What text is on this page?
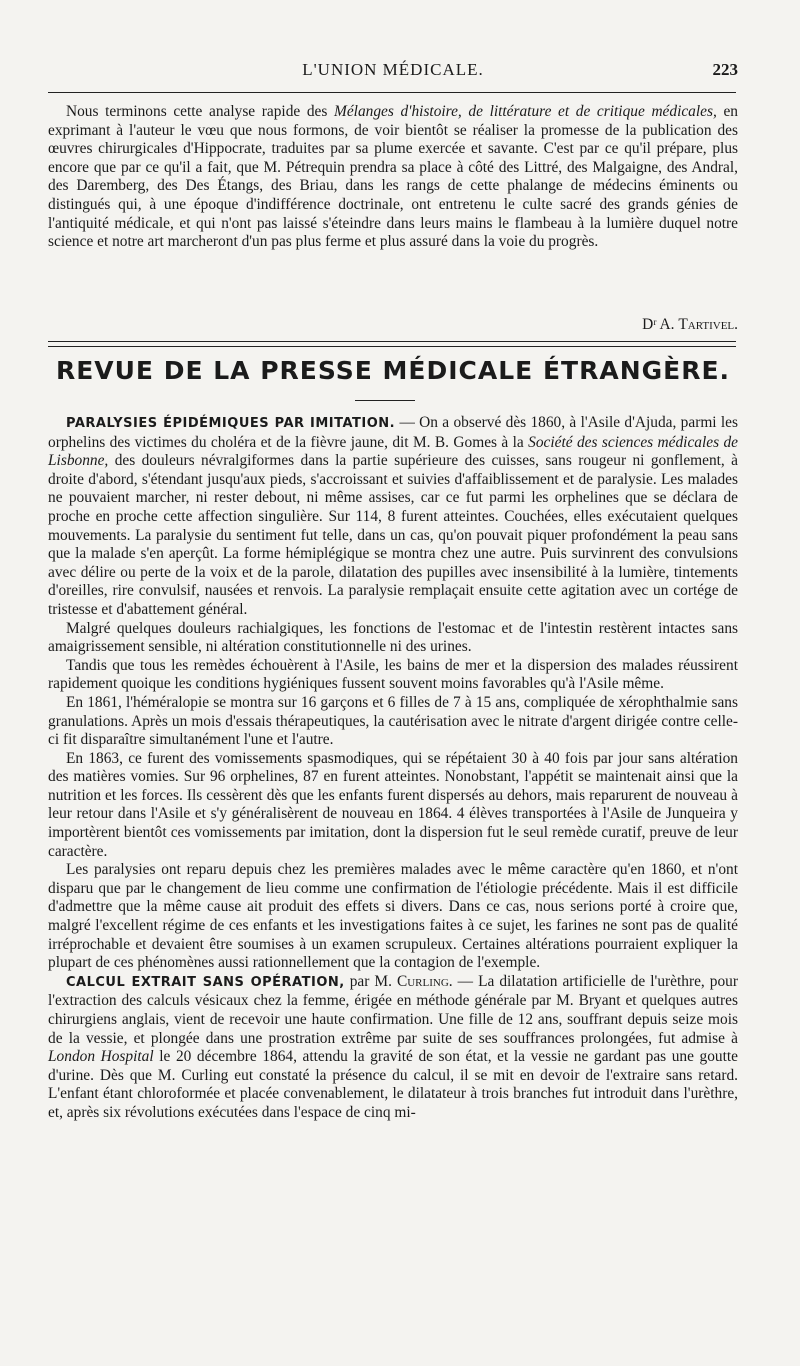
L'UNION MÉDICALE.	223

Nous terminons cette analyse rapide des Mélanges d'histoire, de littérature et de critique médicales, en exprimant à l'auteur le vœu que nous formons, de voir bientôt se réaliser la promesse de la publication des œuvres chirurgicales d'Hippocrate, traduites par sa plume exercée et savante. C'est par ce qu'il prépare, plus encore que par ce qu'il a fait, que M. Pétrequin prendra sa place à côté des Littré, des Malgaigne, des Andral, des Daremberg, des Des Étangs, des Briau, dans les rangs de cette phalange de médecins éminents ou distingués qui, à une époque d'indifférence doctrinale, ont entretenu le culte sacré des grands génies de l'antiquité médicale, et qui n'ont pas laissé s'éteindre dans leurs mains le flambeau à la lumière duquel notre science et notre art marcheront d'un pas plus ferme et plus assuré dans la voie du progrès.

Dʳ A. Tartivel.
REVUE DE LA PRESSE MÉDICALE ÉTRANGÈRE.

PARALYSIES ÉPIDÉMIQUES PAR IMITATION. — On a observé dès 1860, à l'Asile d'Ajuda, parmi les orphelins des victimes du choléra et de la fièvre jaune, dit M. B. Gomes à la Société des sciences médicales de Lisbonne, des douleurs névralgiformes dans la partie supérieure des cuisses, sans rougeur ni gonflement, à droite d'abord, s'étendant jusqu'aux pieds, s'accroissant et suivies d'affaiblissement et de paralysie. Les malades ne pouvaient marcher, ni rester debout, ni même assises, car ce fut parmi les orphelines que se déclara de proche en proche cette affection singulière. Sur 114, 8 furent atteintes. Couchées, elles exécutaient quelques mouvements. La paralysie du sentiment fut telle, dans un cas, qu'on pouvait piquer profondément la peau sans que la malade s'en aperçût. La forme hémiplégique se montra chez une autre. Puis survinrent des convulsions avec délire ou perte de la voix et de la parole, dilatation des pupilles avec insensibilité à la lumière, tintements d'oreilles, rire convulsif, nausées et renvois. La paralysie remplaçait ensuite cette agitation avec un cortége de tristesse et d'abattement général.

Malgré quelques douleurs rachialgiques, les fonctions de l'estomac et de l'intestin restèrent intactes sans amaigrissement sensible, ni altération constitutionnelle ni des urines.

Tandis que tous les remèdes échouèrent à l'Asile, les bains de mer et la dispersion des malades réussirent rapidement quoique les conditions hygiéniques fussent souvent moins favorables qu'à l'Asile même.

En 1861, l'héméralopie se montra sur 16 garçons et 6 filles de 7 à 15 ans, compliquée de xérophthalmie sans granulations. Après un mois d'essais thérapeutiques, la cautérisation avec le nitrate d'argent dirigée contre celle-ci fit disparaître simultanément l'une et l'autre.

En 1863, ce furent des vomissements spasmodiques, qui se répétaient 30 à 40 fois par jour sans altération des matières vomies. Sur 96 orphelines, 87 en furent atteintes. Nonobstant, l'appétit se maintenait ainsi que la nutrition et les forces. Ils cessèrent dès que les enfants furent dispersés au dehors, mais reparurent de nouveau à leur retour dans l'Asile et s'y généralisèrent de nouveau en 1864. 4 élèves transportées à l'Asile de Junqueira y importèrent bientôt ces vomissements par imitation, dont la dispersion fut le seul remède curatif, preuve de leur caractère.

Les paralysies ont reparu depuis chez les premières malades avec le même caractère qu'en 1860, et n'ont disparu que par le changement de lieu comme une confirmation de l'étiologie précédente. Mais il est difficile d'admettre que la même cause ait produit des effets si divers. Dans ce cas, nous serions porté à croire que, malgré l'excellent régime de ces enfants et les investigations faites à ce sujet, les farines ne sont pas de qualité irréprochable et devaient être soumises à un examen scrupuleux. Certaines altérations pourraient expliquer la plupart de ces phénomènes aussi rationnellement que la contagion de l'exemple.

CALCUL EXTRAIT SANS OPÉRATION, par M. Curling. — La dilatation artificielle de l'urèthre, pour l'extraction des calculs vésicaux chez la femme, érigée en méthode générale par M. Bryant et quelques autres chirurgiens anglais, vient de recevoir une haute confirmation. Une fille de 12 ans, souffrant depuis seize mois de la vessie, et plongée dans une prostration extrême par suite de ses souffrances prolongées, fut admise à London Hospital le 20 décembre 1864, attendu la gravité de son état, et la vessie ne gardant pas une goutte d'urine. Dès que M. Curling eut constaté la présence du calcul, il se mit en devoir de l'extraire sans retard. L'enfant étant chloroformée et placée convenablement, le dilatateur à trois branches fut introduit dans l'urèthre, et, après six révolutions exécutées dans l'espace de cinq mi-
